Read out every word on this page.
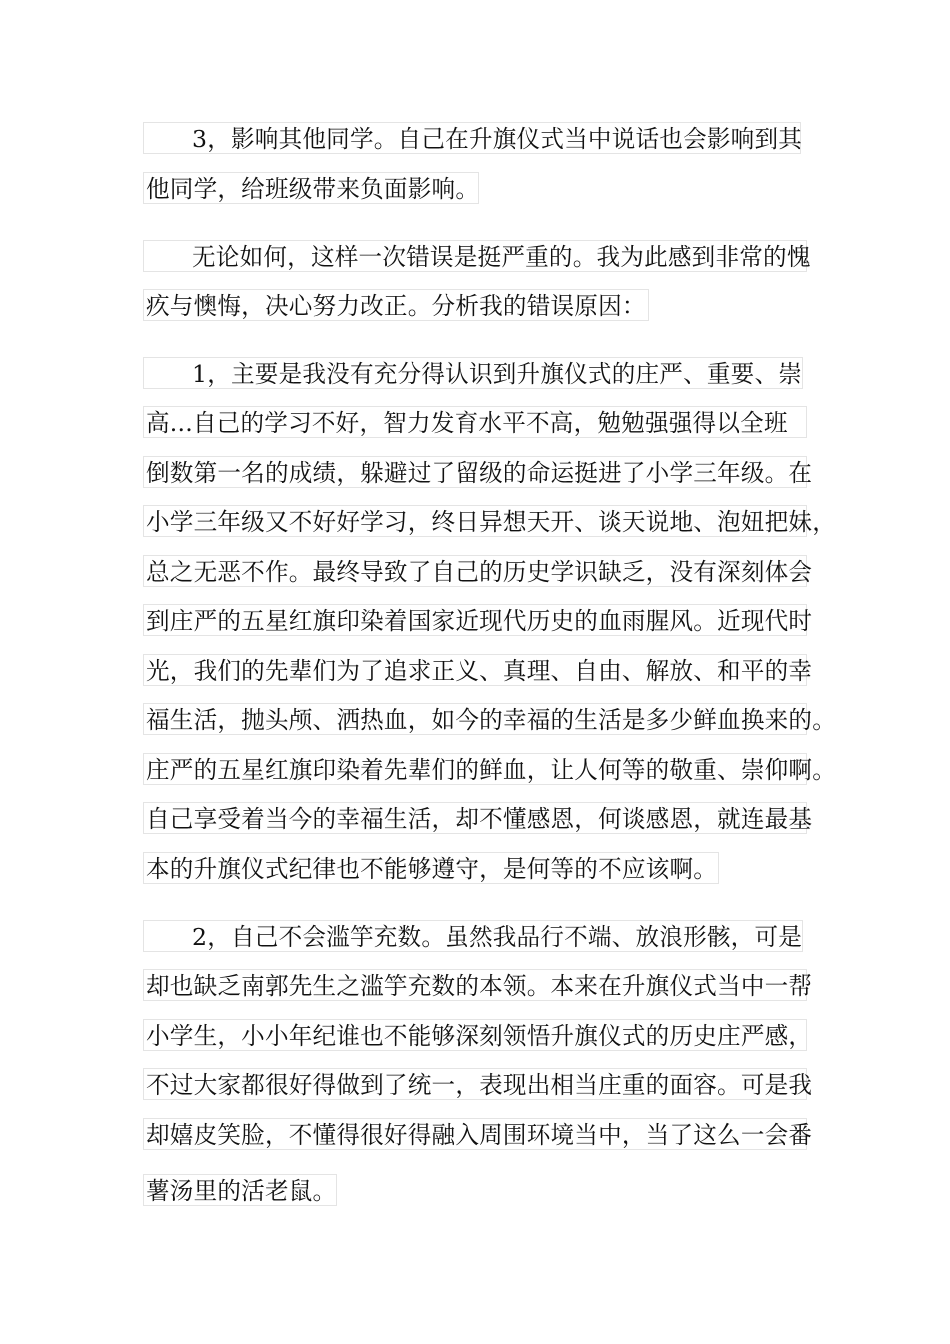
3，影响其他同学。自己在升旗仪式当中说话也会影响到其
他同学，给班级带来负面影响。
无论如何，这样一次错误是挺严重的。我为此感到非常的愧
疚与懊悔，决心努力改正。分析我的错误原因：
1，主要是我没有充分得认识到升旗仪式的庄严、重要、崇
高...自己的学习不好，智力发育水平不高，勉勉强强得以全班
倒数第一名的成绩，躲避过了留级的命运挺进了小学三年级。在
小学三年级又不好好学习，终日异想天开、谈天说地、泡妞把妹，
总之无恶不作。最终导致了自己的历史学识缺乏，没有深刻体会
到庄严的五星红旗印染着国家近现代历史的血雨腥风。近现代时
光，我们的先辈们为了追求正义、真理、自由、解放、和平的幸
福生活，抛头颅、洒热血，如今的幸福的生活是多少鲜血换来的。
庄严的五星红旗印染着先辈们的鲜血，让人何等的敬重、崇仰啊。
自己享受着当今的幸福生活，却不懂感恩，何谈感恩，就连最基
本的升旗仪式纪律也不能够遵守，是何等的不应该啊。
2，自己不会滥竽充数。虽然我品行不端、放浪形骸，可是
却也缺乏南郭先生之滥竽充数的本领。本来在升旗仪式当中一帮
小学生，小小年纪谁也不能够深刻领悟升旗仪式的历史庄严感，
不过大家都很好得做到了统一，表现出相当庄重的面容。可是我
却嬉皮笑脸，不懂得很好得融入周围环境当中，当了这么一会番
薯汤里的活老鼠。
